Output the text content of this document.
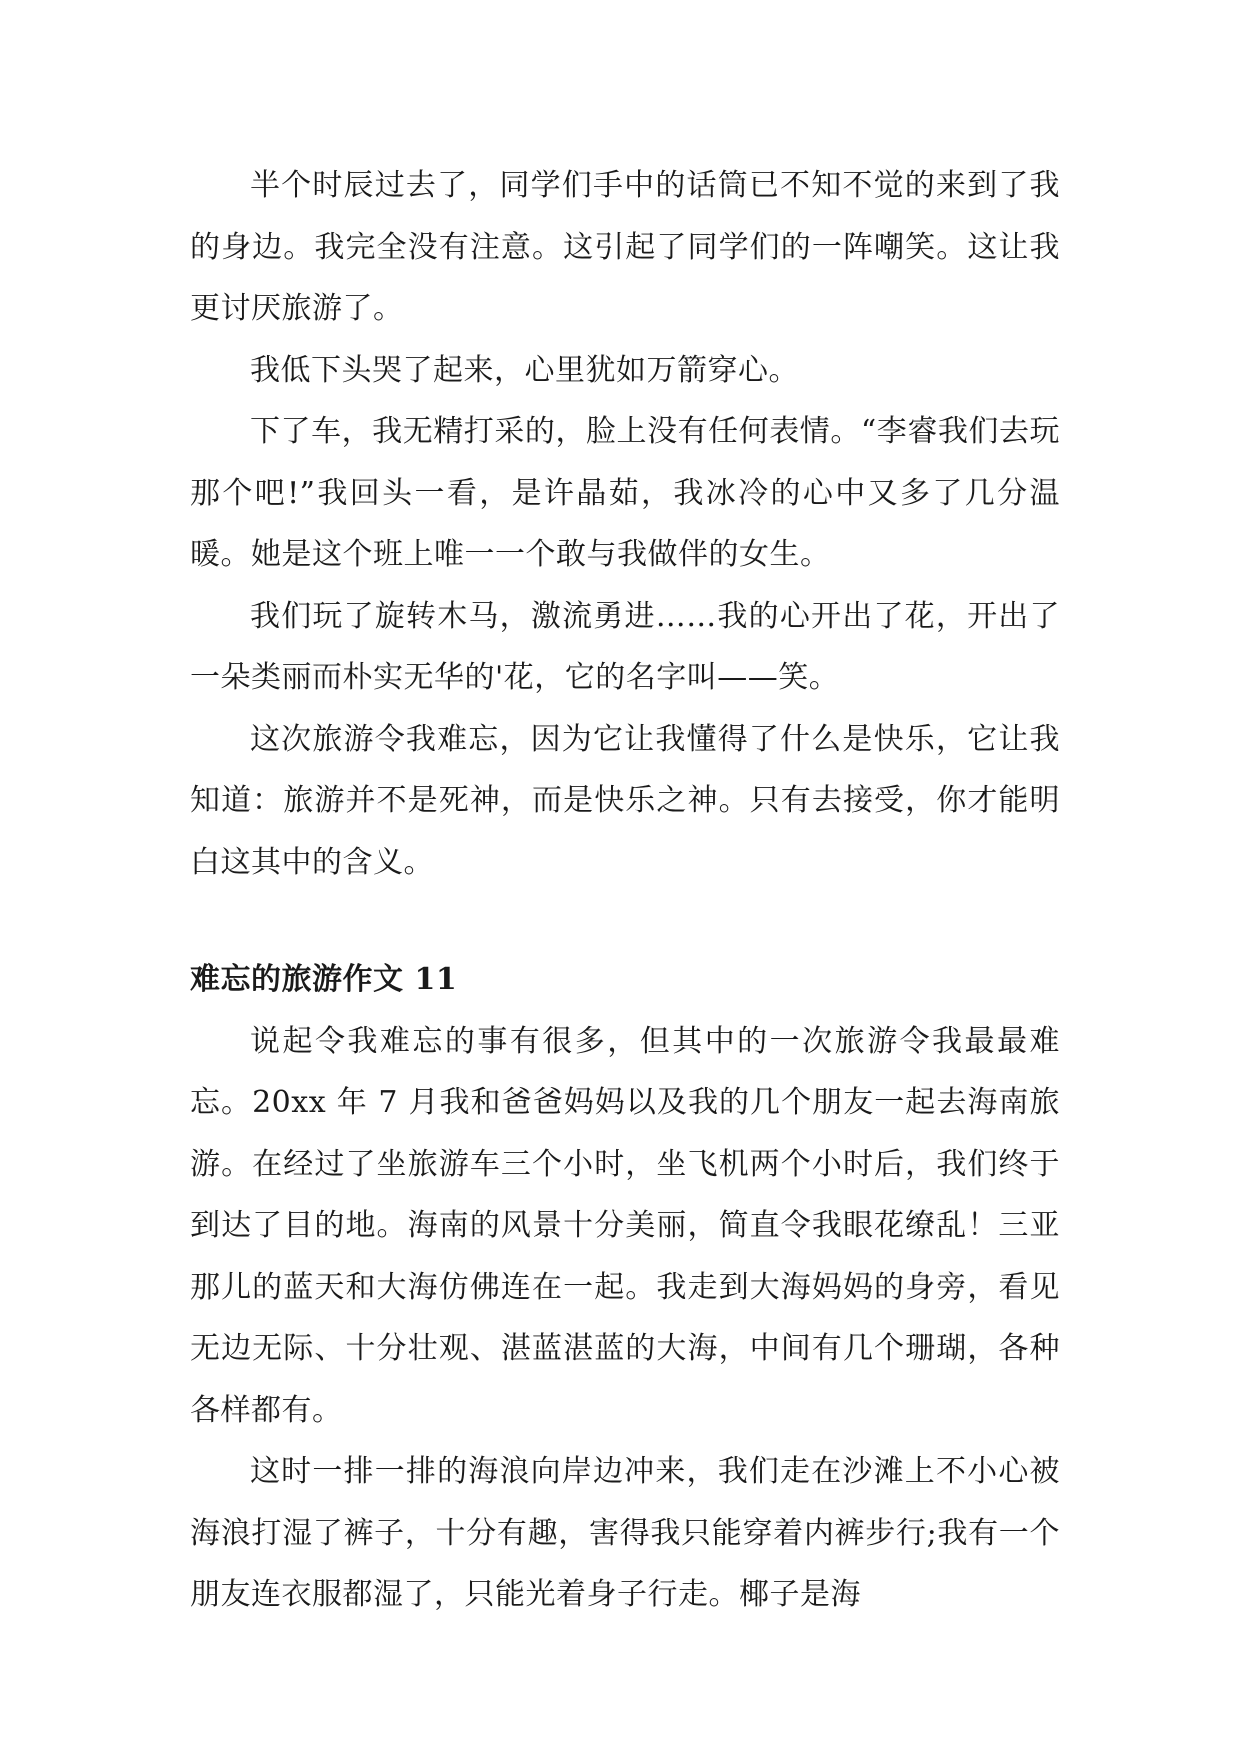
半个时辰过去了，同学们手中的话筒已不知不觉的来到了我的身边。我完全没有注意。这引起了同学们的一阵嘲笑。这让我更讨厌旅游了。

我低下头哭了起来，心里犹如万箭穿心。

下了车，我无精打采的，脸上没有任何表情。“李睿我们去玩那个吧!”我回头一看，是许晶茹，我冰冷的心中又多了几分温暖。她是这个班上唯一一个敢与我做伴的女生。

我们玩了旋转木马，激流勇进……我的心开出了花，开出了一朵类丽而朴实无华的'花，它的名字叫——笑。

这次旅游令我难忘，因为它让我懂得了什么是快乐，它让我知道：旅游并不是死神，而是快乐之神。只有去接受，你才能明白这其中的含义。

难忘的旅游作文 11

说起令我难忘的事有很多，但其中的一次旅游令我最最难忘。20xx 年 7 月我和爸爸妈妈以及我的几个朋友一起去海南旅游。在经过了坐旅游车三个小时，坐飞机两个小时后，我们终于到达了目的地。海南的风景十分美丽，简直令我眼花缭乱！三亚那儿的蓝天和大海仿佛连在一起。我走到大海妈妈的身旁，看见无边无际、十分壮观、湛蓝湛蓝的大海，中间有几个珊瑚，各种各样都有。

这时一排一排的海浪向岸边冲来，我们走在沙滩上不小心被海浪打湿了裤子，十分有趣，害得我只能穿着内裤步行;我有一个朋友连衣服都湿了，只能光着身子行走。椰子是海
